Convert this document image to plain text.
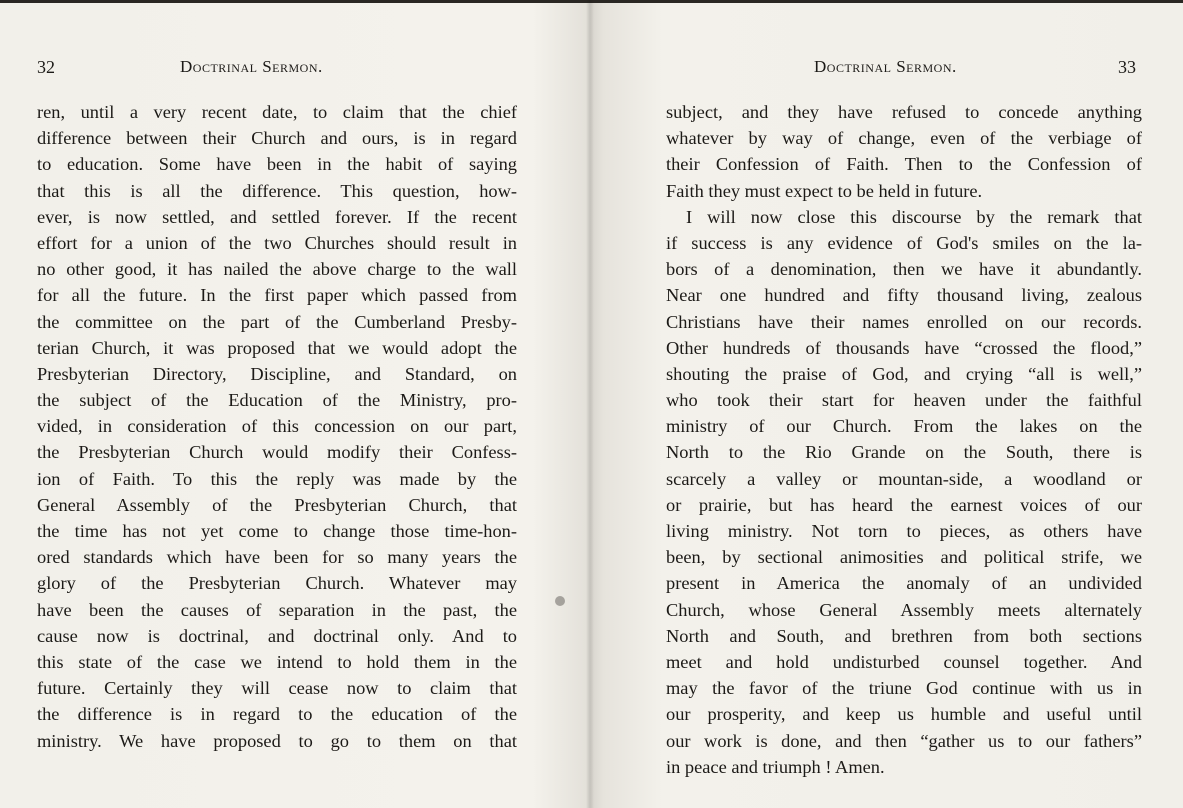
32	Doctrinal Sermon.
ren, until a very recent date, to claim that the chief
difference between their Church and ours, is in regard
to education. Some have been in the habit of saying
that this is all the difference. This question, how-
ever, is now settled, and settled forever. If the recent
effort for a union of the two Churches should result in
no other good, it has nailed the above charge to the wall
for all the future. In the first paper which passed from
the committee on the part of the Cumberland Presby-
terian Church, it was proposed that we would adopt the
Presbyterian Directory, Discipline, and Standard, on
the subject of the Education of the Ministry, pro-
vided, in consideration of this concession on our part,
the Presbyterian Church would modify their Confess-
ion of Faith. To this the reply was made by the
General Assembly of the Presbyterian Church, that
the time has not yet come to change those time-hon-
ored standards which have been for so many years the
glory of the Presbyterian Church. Whatever may
have been the causes of separation in the past, the
cause now is doctrinal, and doctrinal only. And to
this state of the case we intend to hold them in the
future. Certainly they will cease now to claim that
the difference is in regard to the education of the
ministry. We have proposed to go to them on that
Doctrinal Sermon.	33
subject, and they have refused to concede anything
whatever by way of change, even of the verbiage of
their Confession of Faith. Then to the Confession of
Faith they must expect to be held in future.
I will now close this discourse by the remark that
if success is any evidence of God's smiles on the la-
bors of a denomination, then we have it abundantly.
Near one hundred and fifty thousand living, zealous
Christians have their names enrolled on our records.
Other hundreds of thousands have “crossed the flood,”
shouting the praise of God, and crying “all is well,”
who took their start for heaven under the faithful
ministry of our Church. From the lakes on the
North to the Rio Grande on the South, there is
scarcely a valley or mountan-side, a woodland or
or prairie, but has heard the earnest voices of our
living ministry. Not torn to pieces, as others have
been, by sectional animosities and political strife, we
present in America the anomaly of an undivided
Church, whose General Assembly meets alternately
North and South, and brethren from both sections
meet and hold undisturbed counsel together. And
may the favor of the triune God continue with us in
our prosperity, and keep us humble and useful until
our work is done, and then “gather us to our fathers”
in peace and triumph ! Amen.
